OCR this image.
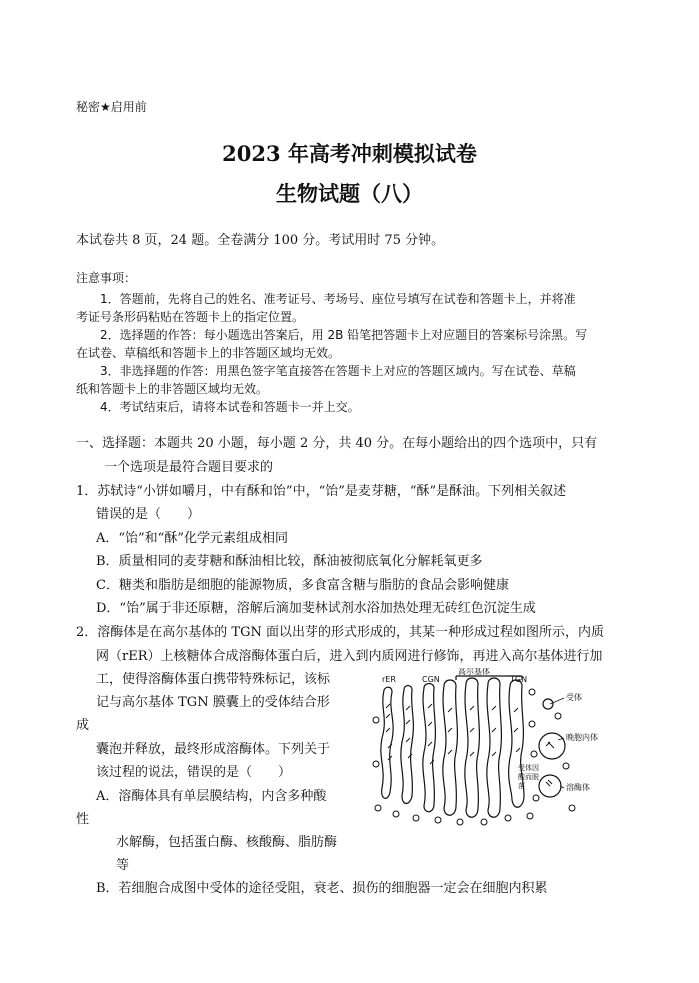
秘密★启用前
2023 年高考冲刺模拟试卷
生物试题（八）
本试卷共 8 页，24 题。全卷满分 100 分。考试用时 75 分钟。
注意事项：
1．答题前，先将自己的姓名、准考证号、考场号、座位号填写在试卷和答题卡上，并将准
考证号条形码粘贴在答题卡上的指定位置。
2．选择题的作答：每小题选出答案后，用 2B 铅笔把答题卡上对应题目的答案标号涂黑。写
在试卷、草稿纸和答题卡上的非答题区域均无效。
3．非选择题的作答：用黑色签字笔直接答在答题卡上对应的答题区域内。写在试卷、草稿
纸和答题卡上的非答题区域均无效。
4．考试结束后，请将本试卷和答题卡一并上交。
一、选择题：本题共 20 小题，每小题 2 分，共 40 分。在每小题给出的四个选项中，只有
一个选项是最符合题目要求的
1．苏轼诗“小饼如嚼月，中有酥和饴”中，“饴”是麦芽糖，“酥”是酥油。下列相关叙述
错误的是（　　）
A．“饴”和“酥”化学元素组成相同
B．质量相同的麦芽糖和酥油相比较，酥油被彻底氧化分解耗氧更多
C．糖类和脂肪是细胞的能源物质，多食富含糖与脂肪的食品会影响健康
D．“饴”属于非还原糖，溶解后滴加斐林试剂水浴加热处理无砖红色沉淀生成
2．溶酶体是在高尔基体的 TGN 面以出芽的形式形成的，其某一种形成过程如图所示，内质
网（rER）上核糖体合成溶酶体蛋白后，进入到内质网进行修饰，再进入高尔基体进行加
工，使得溶酶体蛋白携带特殊标记，该标
记与高尔基体 TGN 膜囊上的受体结合形
成
囊泡并释放，最终形成溶酶体。下列关于
该过程的说法，错误的是（　　）
A．溶酶体具有单层膜结构，内含多种酸
性
水解酶，包括蛋白酶、核酸酶、脂肪酶
等
B．若细胞合成图中受体的途径受阻，衰老、损伤的细胞器一定会在细胞内积累
rER	CGN
高尔基体
TGN
受体
晚胞内体
溶酶体
受体因
酸而脱
落
